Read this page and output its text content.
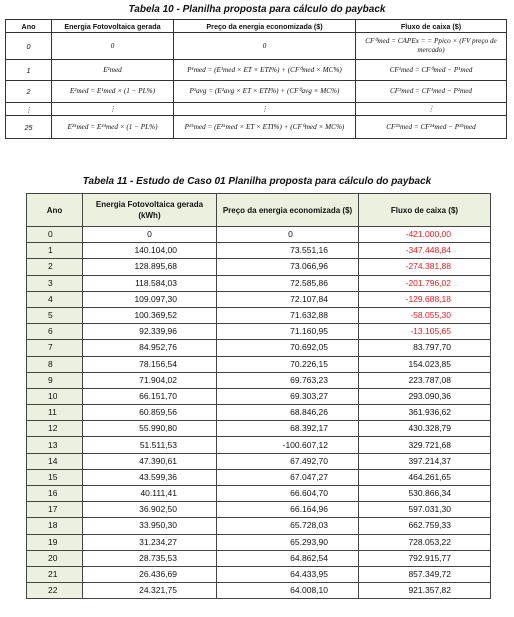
Tabela 10 - Planilha proposta para cálculo do payback
Ano	Energia Fotovoltaica gerada	Preço da energia economizada ($)	Fluxo de caixa ($)
0	0	0	CF⁰med = CAPEx = = Ppico × (FV preço de mercado)
1	E¹med	P¹med = (E¹med × ET × ETI%) + (CF⁰med × MC%)	CF¹med = CF⁰med − P¹med
2	E²med = E¹med × (1 − PL%)	P²avg = (E²avg × ET × ETI%) + (CF⁰avg × MC%)	CF²med = CF¹med − P²med
⋮	⋮	⋮	⋮
25	E²⁵med = E²⁴med × (1 − PL%)	P²⁵med = (E²⁵med × ET × ETI%) + (CF⁰med × MC%)	CF²⁵med = CF²⁴med − P²⁵med
Tabela 11 - Estudo de Caso 01 Planilha proposta para cálculo do payback
Ano	Energia Fotovoltaica gerada (kWh)	Preço da energia economizada ($)	Fluxo de caixa ($)
0	0	0	-421.000,00
1	140.104,00	73.551,16	-347.448,84
2	128.895,68	73.066,96	-274.381,88
3	118.584,03	72.585,86	-201.796,02
4	109.097,30	72.107,84	-129.688,18
5	100.369,52	71.632,88	-58.055,30
6	92.339,96	71.160,95	-13.105,65
7	84.952,76	70.692,05	83.797,70
8	78.156,54	70.226,15	154.023,85
9	71.904,02	69.763,23	223.787,08
10	66.151,70	69.303,27	293.090,36
11	60.859,56	68.846,26	361.936,62
12	55.990,80	68.392,17	430.328,79
13	51.511,53	-100.607,12	329.721,68
14	47.390,61	67.492,70	397.214,37
15	43.599,36	67.047,27	464.261,65
16	40.111,41	66.604,70	530.866,34
17	36.902,50	66.164,96	597.031,30
18	33.950,30	65.728,03	662.759,33
19	31.234,27	65.293,90	728.053,22
20	28.735,53	64.862,54	792.915,77
21	26.436,69	64.433,95	857.349,72
22	24.321,75	64.008,10	921.357,82
